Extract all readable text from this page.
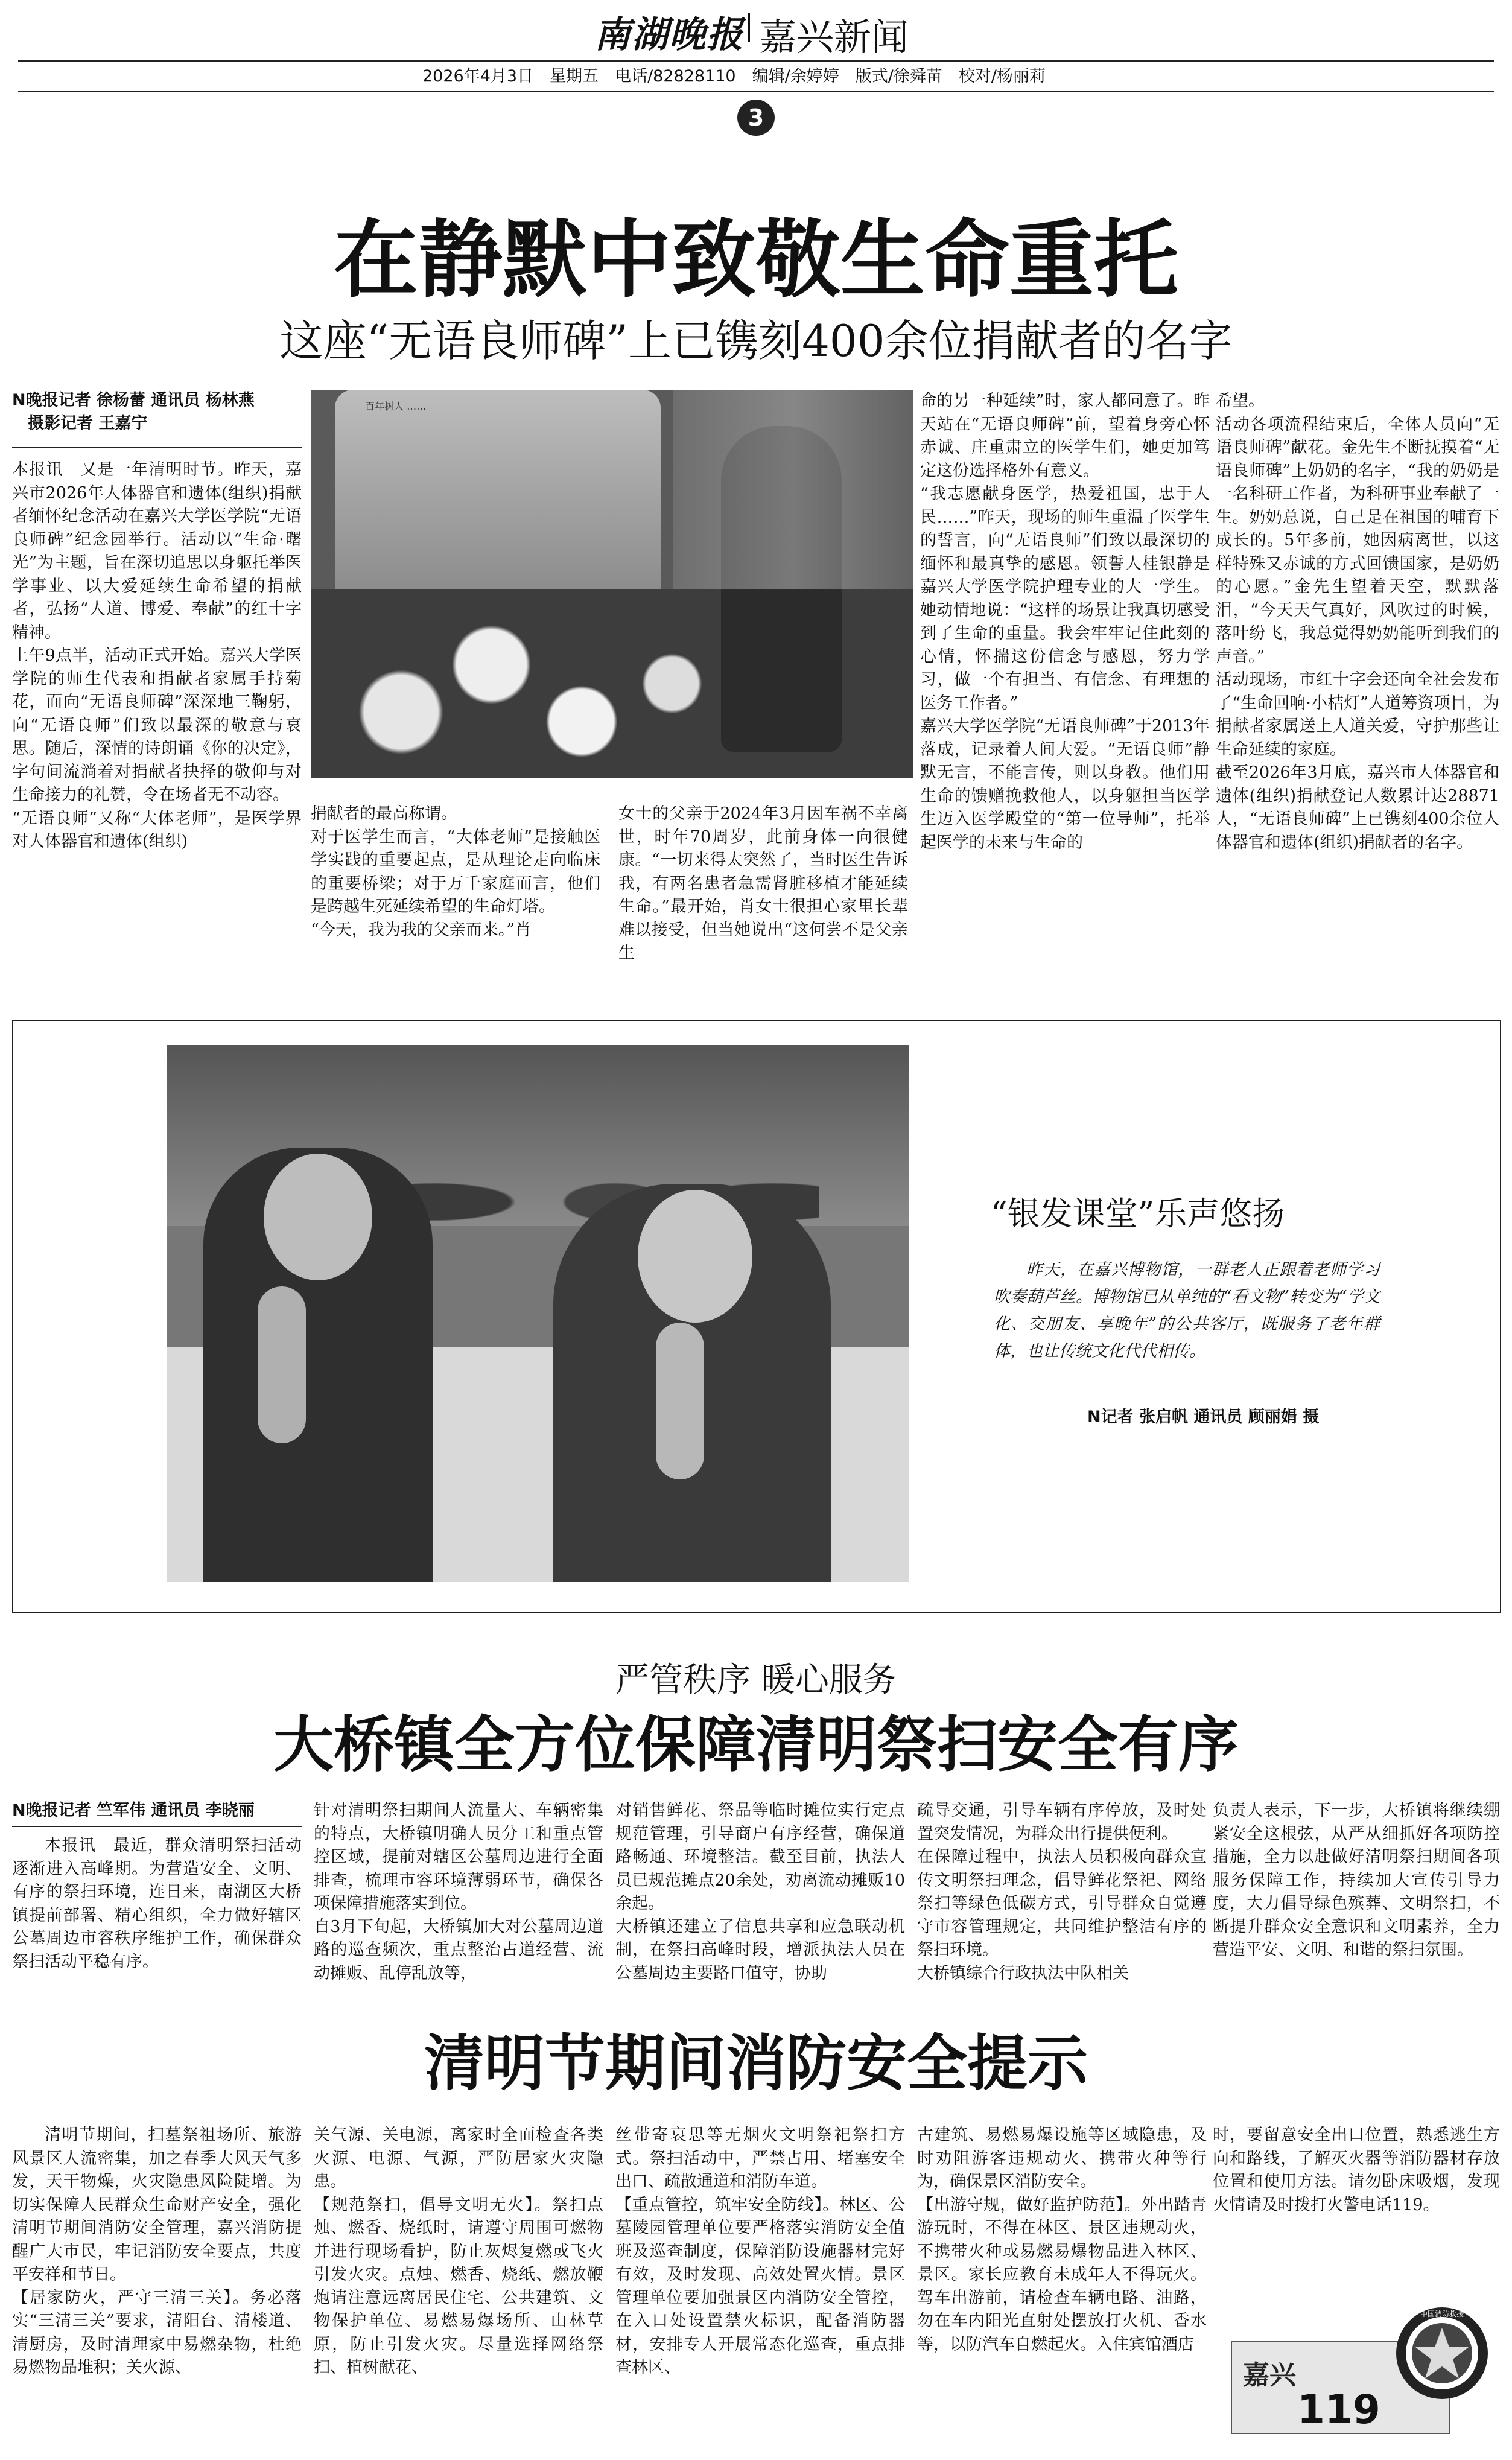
南湖晚报 嘉兴新闻
2026年4月3日　星期五　电话/82828110　编辑/余婷婷　版式/徐舜苗　校对/杨丽莉
3
在静默中致敬生命重托
这座“无语良师碑”上已镌刻400余位捐献者的名字
N晚报记者 徐杨蕾 通讯员 杨林燕
摄影记者 王嘉宁

本报讯　又是一年清明时节。昨天，嘉兴市2026年人体器官和遗体(组织)捐献者缅怀纪念活动在嘉兴大学医学院“无语良师碑”纪念园举行。活动以“生命·曙光”为主题，旨在深切追思以身躯托举医学事业、以大爱延续生命希望的捐献者，弘扬“人道、博爱、奉献”的红十字精神。
上午9点半，活动正式开始。嘉兴大学医学院的师生代表和捐献者家属手持菊花，面向“无语良师碑”深深地三鞠躬，向“无语良师”们致以最深的敬意与哀思。随后，深情的诗朗诵《你的决定》，字句间流淌着对捐献者抉择的敬仰与对生命接力的礼赞，令在场者无不动容。
“无语良师”又称“大体老师”，是医学界对人体器官和遗体(组织)

百年树人 ……

捐献者的最高称谓。
对于医学生而言，“大体老师”是接触医学实践的重要起点，是从理论走向临床的重要桥梁；对于万千家庭而言，他们是跨越生死延续希望的生命灯塔。
“今天，我为我的父亲而来。”肖

女士的父亲于2024年3月因车祸不幸离世，时年70周岁，此前身体一向很健康。“一切来得太突然了，当时医生告诉我，有两名患者急需肾脏移植才能延续生命。”最开始，肖女士很担心家里长辈难以接受，但当她说出“这何尝不是父亲生

命的另一种延续”时，家人都同意了。昨天站在“无语良师碑”前，望着身旁心怀赤诚、庄重肃立的医学生们，她更加笃定这份选择格外有意义。
“我志愿献身医学，热爱祖国，忠于人民……”昨天，现场的师生重温了医学生的誓言，向“无语良师”们致以最深切的缅怀和最真挚的感恩。领誓人桂银静是嘉兴大学医学院护理专业的大一学生。她动情地说：“这样的场景让我真切感受到了生命的重量。我会牢牢记住此刻的心情，怀揣这份信念与感恩，努力学习，做一个有担当、有信念、有理想的医务工作者。”
嘉兴大学医学院“无语良师碑”于2013年落成，记录着人间大爱。“无语良师”静默无言，不能言传，则以身教。他们用生命的馈赠挽救他人，以身躯担当医学生迈入医学殿堂的“第一位导师”，托举起医学的未来与生命的

希望。
活动各项流程结束后，全体人员向“无语良师碑”献花。金先生不断抚摸着“无语良师碑”上奶奶的名字，“我的奶奶是一名科研工作者，为科研事业奉献了一生。奶奶总说，自己是在祖国的哺育下成长的。5年多前，她因病离世，以这样特殊又赤诚的方式回馈国家，是奶奶的心愿。”金先生望着天空，默默落泪，“今天天气真好，风吹过的时候，落叶纷飞，我总觉得奶奶能听到我们的声音。”
活动现场，市红十字会还向全社会发布了“生命回响·小桔灯”人道筹资项目，为捐献者家属送上人道关爱，守护那些让生命延续的家庭。
截至2026年3月底，嘉兴市人体器官和遗体(组织)捐献登记人数累计达28871人，“无语良师碑”上已镌刻400余位人体器官和遗体(组织)捐献者的名字。

“银发课堂”乐声悠扬
昨天，在嘉兴博物馆，一群老人正跟着老师学习吹奏葫芦丝。博物馆已从单纯的“看文物”转变为“学文化、交朋友、享晚年”的公共客厅，既服务了老年群体，也让传统文化代代相传。
N记者 张启帆 通讯员 顾丽娟 摄
严管秩序 暖心服务
大桥镇全方位保障清明祭扫安全有序
N晚报记者 竺军伟 通讯员 李晓丽

本报讯　最近，群众清明祭扫活动逐渐进入高峰期。为营造安全、文明、有序的祭扫环境，连日来，南湖区大桥镇提前部署、精心组织，全力做好辖区公墓周边市容秩序维护工作，确保群众祭扫活动平稳有序。

针对清明祭扫期间人流量大、车辆密集的特点，大桥镇明确人员分工和重点管控区域，提前对辖区公墓周边进行全面排查，梳理市容环境薄弱环节，确保各项保障措施落实到位。
自3月下旬起，大桥镇加大对公墓周边道路的巡查频次，重点整治占道经营、流动摊贩、乱停乱放等，

对销售鲜花、祭品等临时摊位实行定点规范管理，引导商户有序经营，确保道路畅通、环境整洁。截至目前，执法人员已规范摊点20余处，劝离流动摊贩10余起。
大桥镇还建立了信息共享和应急联动机制，在祭扫高峰时段，增派执法人员在公墓周边主要路口值守，协助

疏导交通，引导车辆有序停放，及时处置突发情况，为群众出行提供便利。
在保障过程中，执法人员积极向群众宣传文明祭扫理念，倡导鲜花祭祀、网络祭扫等绿色低碳方式，引导群众自觉遵守市容管理规定，共同维护整洁有序的祭扫环境。
大桥镇综合行政执法中队相关

负责人表示，下一步，大桥镇将继续绷紧安全这根弦，从严从细抓好各项防控措施，全力以赴做好清明祭扫期间各项服务保障工作，持续加大宣传引导力度，大力倡导绿色殡葬、文明祭扫，不断提升群众安全意识和文明素养，全力营造平安、文明、和谐的祭扫氛围。

清明节期间消防安全提示

清明节期间，扫墓祭祖场所、旅游风景区人流密集，加之春季大风天气多发，天干物燥，火灾隐患风险陡增。为切实保障人民群众生命财产安全，强化清明节期间消防安全管理，嘉兴消防提醒广大市民，牢记消防安全要点，共度平安祥和节日。
【居家防火，严守三清三关】。务必落实“三清三关”要求，清阳台、清楼道、清厨房，及时清理家中易燃杂物，杜绝易燃物品堆积；关火源、

关气源、关电源，离家时全面检查各类火源、电源、气源，严防居家火灾隐患。
【规范祭扫，倡导文明无火】。祭扫点烛、燃香、烧纸时，请遵守周围可燃物并进行现场看护，防止灰烬复燃或飞火引发火灾。点烛、燃香、烧纸、燃放鞭炮请注意远离居民住宅、公共建筑、文物保护单位、易燃易爆场所、山林草原，防止引发火灾。尽量选择网络祭扫、植树献花、

丝带寄哀思等无烟火文明祭祀祭扫方式。祭扫活动中，严禁占用、堵塞安全出口、疏散通道和消防车道。
【重点管控，筑牢安全防线】。林区、公墓陵园管理单位要严格落实消防安全值班及巡查制度，保障消防设施器材完好有效，及时发现、高效处置火情。景区管理单位要加强景区内消防安全管控，在入口处设置禁火标识，配备消防器材，安排专人开展常态化巡查，重点排查林区、

古建筑、易燃易爆设施等区域隐患，及时劝阻游客违规动火、携带火种等行为，确保景区消防安全。
【出游守规，做好监护防范】。外出踏青游玩时，不得在林区、景区违规动火，不携带火种或易燃易爆物品进入林区、景区。家长应教育未成年人不得玩火。驾车出游前，请检查车辆电路、油路，勿在车内阳光直射处摆放打火机、香水等，以防汽车自燃起火。入住宾馆酒店

时，要留意安全出口位置，熟悉逃生方向和路线，了解灭火器等消防器材存放位置和使用方法。请勿卧床吸烟，发现火情请及时拨打火警电话119。

嘉兴
119
中国消防救援
